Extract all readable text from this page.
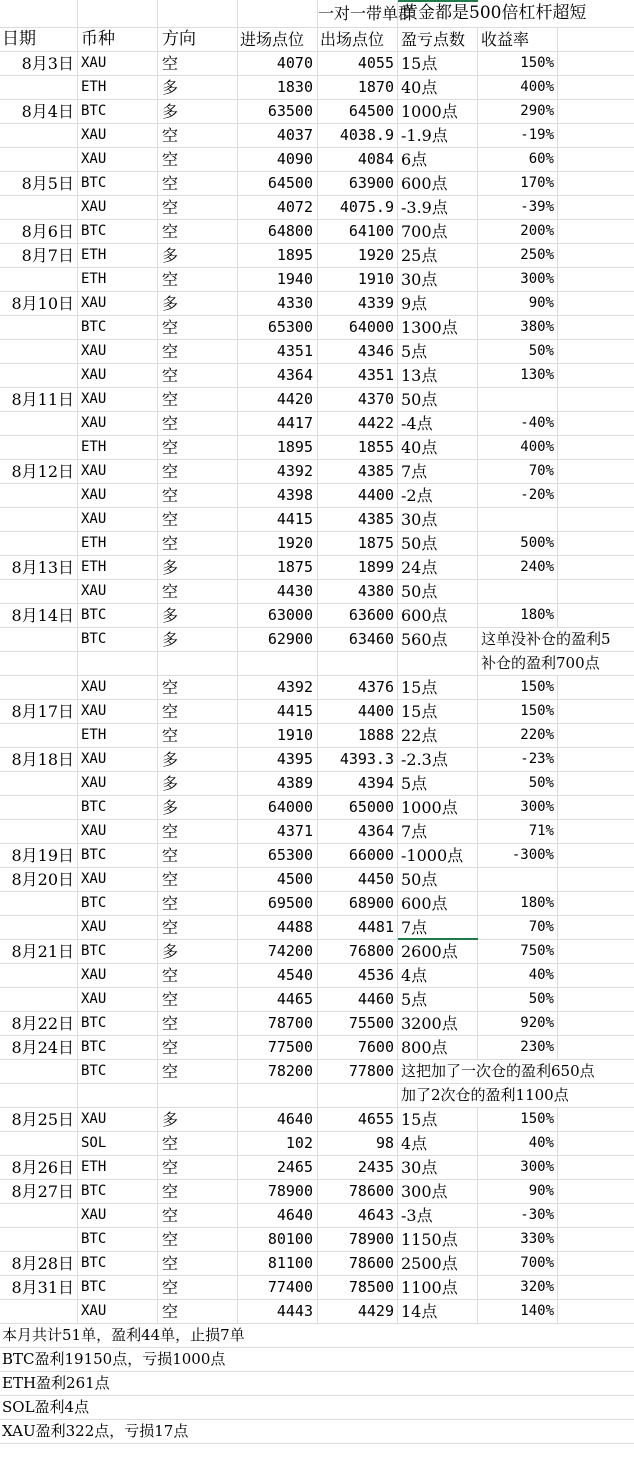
一对一带单群
黄金都是500倍杠杆超短
日期	币种	方向	进场点位 出场点位	盈亏点数 收益率
8月3日 XAU	空	4070	4055 15点	150%
ETH	多	1830	1870 40点	400%
8月4日 BTC	多	63500	64500 1000点	290%
XAU	空	4037	4038.9 -1.9点	-19%
XAU	空	4090	4084 6点	60%
8月5日 BTC	空	64500	63900 600点	170%
XAU	空	4072	4075.9 -3.9点	-39%
8月6日 BTC	空	64800	64100 700点	200%
8月7日 ETH	多	1895	1920 25点	250%
ETH	空	1940	1910 30点	300%
8月10日 XAU	多	4330	4339 9点	90%
BTC	空	65300	64000 1300点	380%
XAU	空	4351	4346 5点	50%
XAU	空	4364	4351 13点	130%
8月11日 XAU	空	4420	4370 50点
XAU	空	4417	4422 -4点	-40%
ETH	空	1895	1855 40点	400%
8月12日 XAU	空	4392	4385 7点	70%
XAU	空	4398	4400 -2点	-20%
XAU	空	4415	4385 30点
ETH	空	1920	1875 50点	500%
8月13日 ETH	多	1875	1899 24点	240%
XAU	空	4430	4380 50点
8月14日 BTC	多	63000	63600 600点	180%
BTC	多	62900	63460 560点	这单没补仓的盈利5
补仓的盈利700点
XAU	空	4392	4376 15点	150%
8月17日 XAU	空	4415	4400 15点	150%
ETH	空	1910	1888 22点	220%
8月18日 XAU	多	4395	4393.3 -2.3点	-23%
XAU	多	4389	4394 5点	50%
BTC	多	64000	65000 1000点	300%
XAU	空	4371	4364 7点	71%
8月19日 BTC	空	65300	66000 -1000点	-300%
8月20日 XAU	空	4500	4450 50点
BTC	空	69500	68900 600点	180%
XAU	空	4488	4481 7点	70%
8月21日 BTC	多	74200	76800 2600点	750%
XAU	空	4540	4536 4点	40%
XAU	空	4465	4460 5点	50%
8月22日 BTC	空	78700	75500 3200点	920%
8月24日 BTC	空	77500	7600 800点	230%
BTC	空	78200	77800 这把加了一次仓的盈利650点
加了2次仓的盈利1100点
8月25日 XAU	多	4640	4655 15点	150%
SOL	空	102	98 4点	40%
8月26日 ETH	空	2465	2435 30点	300%
8月27日 BTC	空	78900	78600 300点	90%
XAU	空	4640	4643 -3点	-30%
BTC	空	80100	78900 1150点	330%
8月28日 BTC	空	81100	78600 2500点	700%
8月31日 BTC	空	77400	78500 1100点	320%
XAU	空	4443	4429 14点	140%
本月共计51单，盈利44单，止损7单
BTC盈利19150点，亏损1000点
ETH盈利261点
SOL盈利4点
XAU盈利322点，亏损17点
